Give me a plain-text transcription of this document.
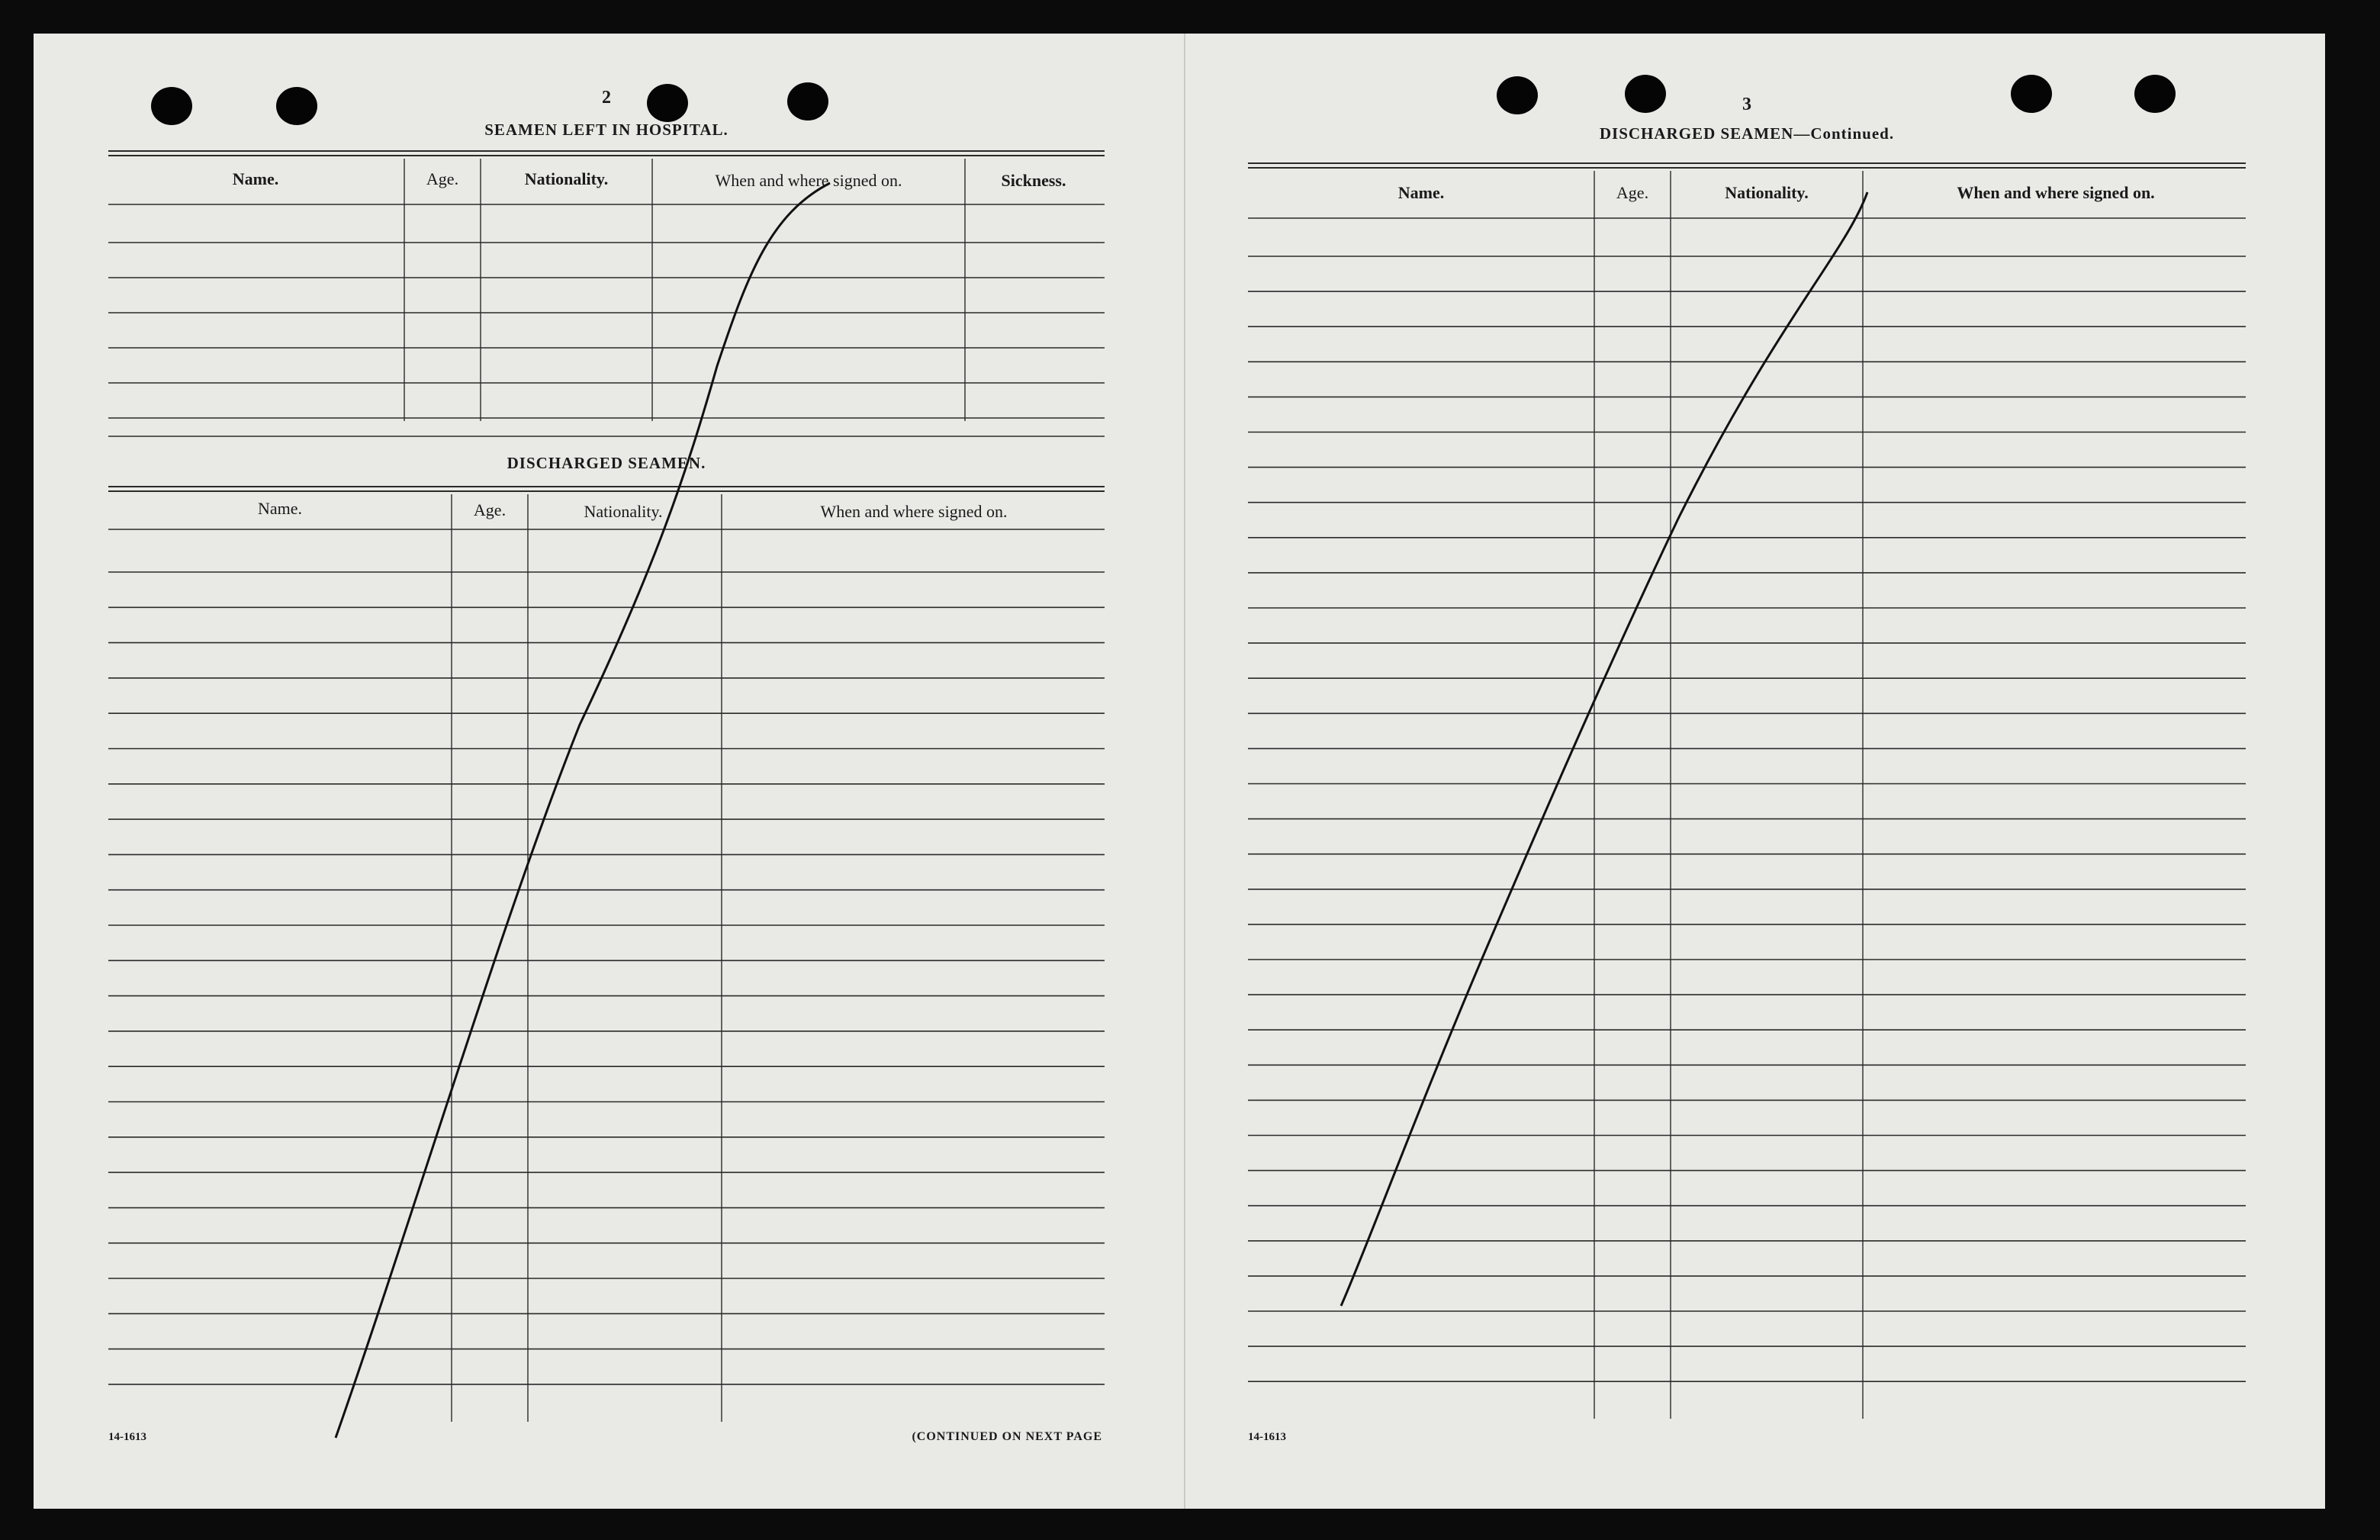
2
SEAMEN LEFT IN HOSPITAL.
Name.	Age.	Nationality.	When and where signed on.	Sickness.
DISCHARGED SEAMEN.
Name.	Age.	Nationality.	When and where signed on.
14-1613	(CONTINUED ON NEXT PAGE
3
DISCHARGED SEAMEN—Continued.
Name.	Age.	Nationality.	When and where signed on.
14-1613
